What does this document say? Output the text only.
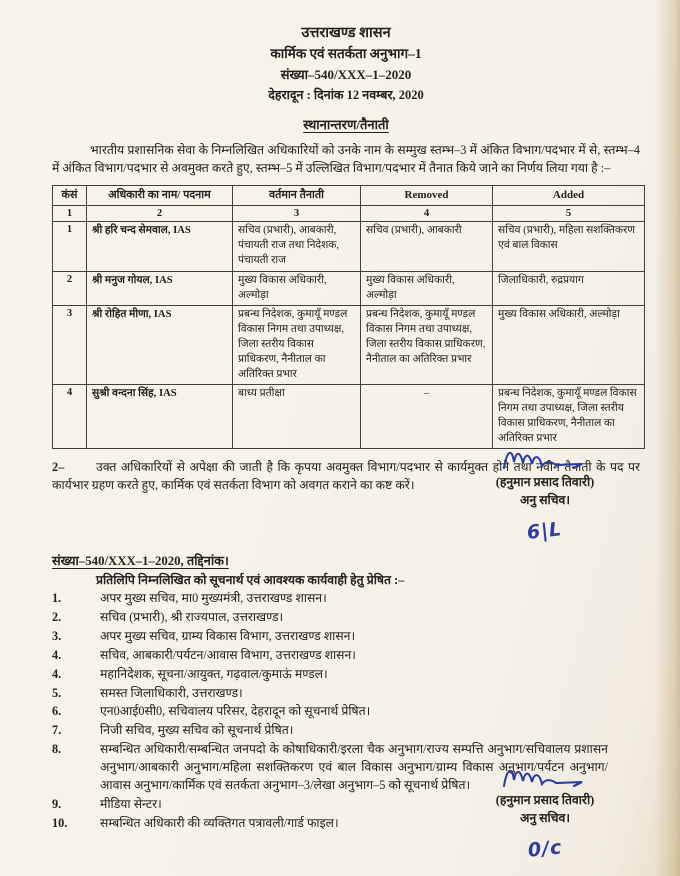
उत्तराखण्ड शासन
कार्मिक एवं सतर्कता अनुभाग–1
संख्या–540/XXX–1–2020
देहरादून : दिनांक 12 नवम्बर, 2020
स्थानान्तरण/तैनाती
भारतीय प्रशासनिक सेवा के निम्नलिखित अधिकारियों को उनके नाम के सम्मुख स्तम्भ–3 में अंकित विभाग/पदभार में से, स्तम्भ–4 में अंकित विभाग/पदभार से अवमुक्त करते हुए, स्तम्भ–5 में उल्लिखित विभाग/पदभार में तैनात किये जाने का निर्णय लिया गया है :–
कंसं	अधिकारी का नाम/ पदनाम	वर्तमान तैनाती	Removed	Added
1	2	3	4	5
1	श्री हरि चन्द सेमवाल, IAS	सचिव (प्रभारी), आबकारी, पंचायती राज तथा निदेशक, पंचायती राज	सचिव (प्रभारी), आबकारी	सचिव (प्रभारी), महिला सशक्तिकरण एवं बाल विकास
2	श्री मनुज गोयल, IAS	मुख्य विकास अधिकारी, अल्मोड़ा	मुख्य विकास अधिकारी, अल्मोड़ा	जिलाधिकारी, रुद्रप्रयाग
3	श्री रोहित मीणा, IAS	प्रबन्ध निदेशक, कुमायूँ मण्डल विकास निगम तथा उपाध्यक्ष, जिला स्तरीय विकास प्राधिकरण, नैनीताल का अतिरिक्त प्रभार	प्रबन्ध निदेशक, कुमायूँ मण्डल विकास निगम तथा उपाध्यक्ष, जिला स्तरीय विकास प्राधिकरण, नैनीताल का अतिरिक्त प्रभार	मुख्य विकास अधिकारी, अल्मोड़ा
4	सुश्री वन्दना सिंह, IAS	बाध्य प्रतीक्षा	–	प्रबन्ध निदेशक, कुमायूँ मण्डल विकास निगम तथा उपाध्यक्ष, जिला स्तरीय विकास प्राधिकरण, नैनीताल का अतिरिक्त प्रभार
2–	उक्त अधिकारियों से अपेक्षा की जाती है कि कृपया अवमुक्त विभाग/पदभार से कार्यमुक्त होने तथा नवीन तैनाती के पद पर कार्यभार ग्रहण करते हुए, कार्मिक एवं सतर्कता विभाग को अवगत कराने का कष्ट करें।
संख्या–540/XXX–1–2020, तद्दिनांक।
प्रतिलिपि निम्नलिखित को सूचनार्थ एवं आवश्यक कार्यवाही हेतु प्रेषित :–
1.	अपर मुख्य सचिव, मा0 मुख्यमंत्री, उत्तराखण्ड शासन।
2.	सचिव (प्रभारी), श्री राज्यपाल, उत्तराखण्ड।
3.	अपर मुख्य सचिव, ग्राम्य विकास विभाग, उत्तराखण्ड शासन।
4.	सचिव, आबकारी/पर्यटन/आवास विभाग, उत्तराखण्ड शासन।
4.	महानिदेशक, सूचना/आयुक्त, गढ़वाल/कुमाऊं मण्डल।
5.	समस्त जिलाधिकारी, उत्तराखण्ड।
6.	एन0आई0सी0, सचिवालय परिसर, देहरादून को सूचनार्थ प्रेषित।
7.	निजी सचिव, मुख्य सचिव को सूचनार्थ प्रेषित।
8.	सम्बन्धित अधिकारी/सम्बन्धित जनपदो के कोषाधिकारी/इरला चैक अनुभाग/राज्य सम्पत्ति अनुभाग/सचिवालय प्रशासन अनुभाग/आबकारी अनुभाग/महिला सशक्तिकरण एवं बाल विकास अनुभाग/ग्राम्य विकास अनुभाग/पर्यटन अनुभाग/आवास अनुभाग/कार्मिक एवं सतर्कता अनुभाग–3/लेखा अनुभाग–5 को सूचनार्थ प्रेषित।
9.	मीडिया सेन्टर।
10.	सम्बन्धित अधिकारी की व्यक्तिगत पत्रावली/गार्ड फाइल।
(हनुमान प्रसाद तिवारी)
अनु सचिव।
6|L
(हनुमान प्रसाद तिवारी)
अनु सचिव।
0/c
